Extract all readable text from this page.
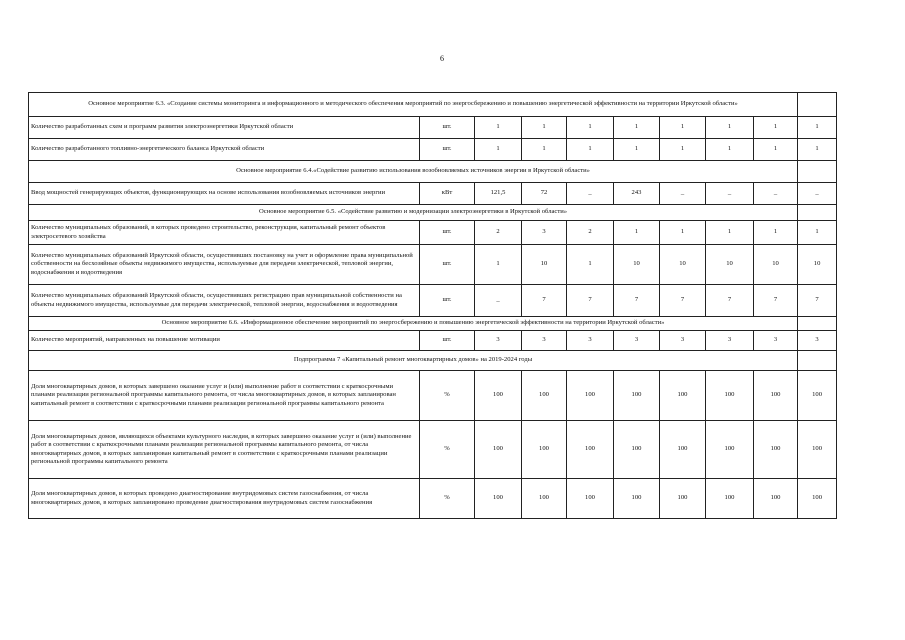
6
Основное мероприятие 6.3. «Создание системы мониторинга и информационного и методического обеспечения мероприятий по энергосбережению и повышению энергетической эффективности на территории Иркутской области»									
Количество разработанных схем и программ развития электроэнергетики Иркутской области	шт.	1	1	1	1	1	1	1	1
Количество разработанного топливно-энергетического баланса Иркутской области	шт.	1	1	1	1	1	1	1	1
Основное мероприятие 6.4.«Содействие развитию использования возобновляемых источников энергии в Иркутской области»									
Ввод мощностей генерирующих объектов, функционирующих на основе использования возобновляемых источников энергии	кВт	121,5	72	_	243	_	_	_	_
Основное мероприятие 6.5. «Содействие развитию и модернизации электроэнергетики в Иркутской области»									
Количество муниципальных образований, в которых проведено строительство, реконструкция, капитальный ремонт объектов электросетевого хозяйства	шт.	2	3	2	1	1	1	1	1
Количество муниципальных образований Иркутской области, осуществивших постановку на учет и оформление права муниципальной собственности на бесхозяйные объекты недвижимого имущества, используемые для передачи электрической, тепловой энергии, водоснабжения и водоотведения	шт.	1	10	1	10	10	10	10	10
Количество муниципальных образований Иркутской области, осуществивших регистрацию прав муниципальной собственности на объекты недвижимого имущества, используемые для передачи электрической, тепловой энергии, водоснабжения и водоотведения	шт.	_	7	7	7	7	7	7	7
Основное мероприятие 6.6. «Информационное обеспечение мероприятий по энергосбережению и повышению энергетической эффективности на территории Иркутской области»									
Количество мероприятий, направленных на повышение мотивации	шт.	3	3	3	3	3	3	3	3
Подпрограмма 7 «Капитальный ремонт многоквартирных домов» на 2019-2024 годы									
Доля многоквартирных домов, в которых завершено оказание услуг и (или) выполнение работ в соответствии с краткосрочными планами реализации региональной программы капитального ремонта, от числа многоквартирных домов, в которых запланирован капитальный ремонт в соответствии с краткосрочными планами реализации региональной программы капитального ремонта	%	100	100	100	100	100	100	100	100
Доля многоквартирных домов, являющихся объектами культурного наследия, в которых завершено оказание услуг и (или) выполнение работ в соответствии с краткосрочными планами реализации региональной программы капитального ремонта, от числа многоквартирных домов, в которых запланирован капитальный ремонт в соответствии с краткосрочными планами реализации региональной программы капитального ремонта	%	100	100	100	100	100	100	100	100
Доля многоквартирных домов, в которых проведено диагностирование внутридомовых систем газоснабжения, от числа многоквартирных домов, в которых запланировано проведение диагностирования внутридомовых систем газоснабжения	%	100	100	100	100	100	100	100	100
